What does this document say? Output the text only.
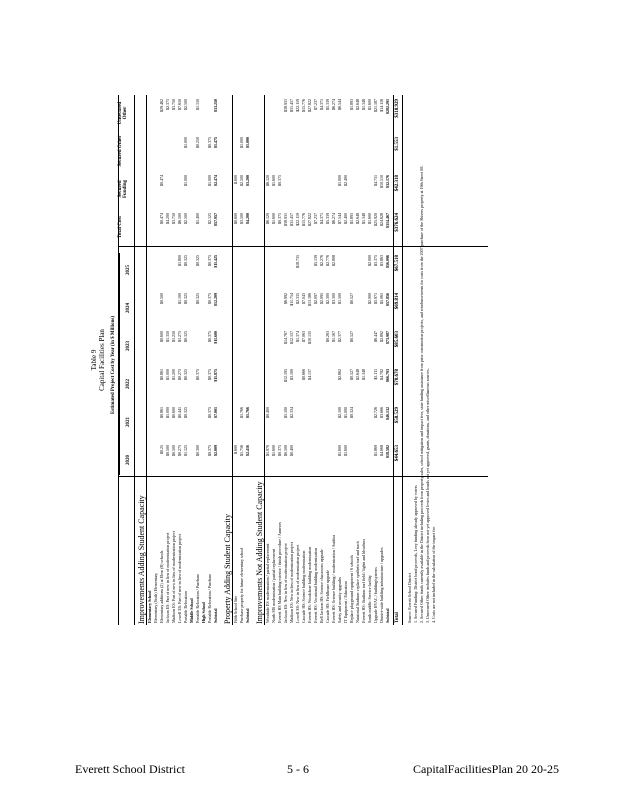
Table 9 Capital Facilities Plan Estimated Project Cost by Year (in $ Millions)
2020
2021
2022
2023
2024
2025
Total Cost
Secured Funding
Secured Other
Unsecured Other
Improvements Adding Student Capacity Elementary School Elementary (Sixth) Elementary Elementary additions (2) at Elem (R) schools
$0.25
$0.861
$0.861
$0.600
$0.500
$0.474
$0.474
$29.462
Jackson ES: Part of new in lieu of modernization project
$0.500
$1.000
$1.000
$1.350
$4.200
$2.375
Madison ES: Part of new in lieu of modernization project
$0.500
$0.600
$1.200
$1.250
$3.750
$3.750
Lowell ES: Part of new in lieu of modernization project
$0.275
$0.441
$0.275
$1.275
$1.100
$1.800
$6.500
$7.650
Portable Relocation
$1.125
$0.325
$0.325
$0.325
$0.325
$0.325
$2.500
$1.000
$1.000
$2.500
Middle School Portable Relocation / Purchase
$0.300
$0.375
$0.325
$0.325
$1.400
$0.250
$1.150
High School Portable Relocation / Purchase
$0.375
$0.375
$0.375
$0.375
$0.375
$0.375
$2.125
$1.000
$0.375
Subtotal
$2.009
$7.001
$11.875
$11.600
$12.209
$11.425
$57.957
$2.474
$1.475
$33.250
Property Adding Student Capacity Fifth School Site
$.600
$0.600
$.600
Purchase property for future elementary school
$1.756
$1.766
$3.500
$2.500
$1.000
Subtotal
$2.416
$1.766
$4.200
$3.200
$1.000
Improvements Not Adding Student Capacity Woodside ES modernization / partial replacement
$1.970
$0.400
$6.120
$6.120
North MS modernization / partial replacement
$1.600
$1.600
$1.600
Everett HS Main building exterior / finish procedure / Annexes
$0.375
$0.375
$0.375
Jackson ES: New in lieu of modernization project
$0.500
$5.100
$12.195
$14.767
$6.992
$38.931
$38.931
Madison ES: New in lieu of modernization project
$0.400
$2.334
$3.100
$12.157
$11.754
$31.457
$31.457
Lowell ES: New in lieu of modernization project
$1.374
$2.335
$18.735
$22.119
$22.119
Cascade HS: Science building modernization
$0.666
$7.063
$7.043
$15.776
$15.776
Everett HS: Woodshore building modernization
$4.137
$10.135
$13.186
$27.822
$27.822
Everett HS: Vocational building modernization
$2.097
$5.139
$7.237
$7.237
Bell Jackson HS: Science classrooms upgrade
$2.095
$2.276
$4.371
$4.371
Cascade HS: Fieldhouse upgrade
$0.263
$2.300
$2.776
$5.339
$5.339
Everett HS: Science building / modernization / Auditor
$1.167
$3.300
$2.808
$6.274
$6.274
Safety and security upgrades
$1.600
$2.100
$2.862
$2.377
$1.500
$7.544
$1.000
$6.544
IT Equipment / Education
$1.600
$1.000
$2.400
$2.400
Replace playground equipment / 6 schools
$0.324
$0.527
$0.527
$0.527
$1.893
$1.893
Natatorial Stadium: replace synthetic turf and track
$2.648
$2.648
$2.648
Everett HS: Stadium: turf field / lights and bleachers
$1.348
$1.348
$1.348
South middle: Service facility
$2.000
$2.000
$1.600
$1.600
Upgrade HVAC / building/systems
$1.869
$2.726
$5.111
$6.447
$5.971
$3.375
$25.920
$4.731
$21.187
District-wide building infrastructure / upgrades
$4.668
$3.666
$4.792
$2.892
$5.065
$3.863
$24.628
$10.510
$14.118
Subtotal
$18.582
$46.132
$66.793
$73.987
$57.856
$56.096
$314.467
$32.176
$282.291
Total
$44.653
$58.529
$78.678
$85.603
$69.814
$67.518
$376.624
$42.318
$1.553
$318.929
Source: Everett School District 1. Secured Funding: District bond proceeds, Levy funding already approved by voters 2. Secured Other: funds currently available in the District including proceeds from property sales, school mitigation and impact fees, state funding assistance from prior construction projects, and reimbursements for costs from the 2007 purchase of the Shivers property at 19th Street SE. 3. Unsecured Other: includes funds and proceeds from not yet approved levies and bonds not yet approved, grants, donations, and other miscellaneous sources. 4. Costs are not included in the calculation of the impact fee.
Everett School District	5 - 6	CapitalFacilitiesPlan 20 20-25
